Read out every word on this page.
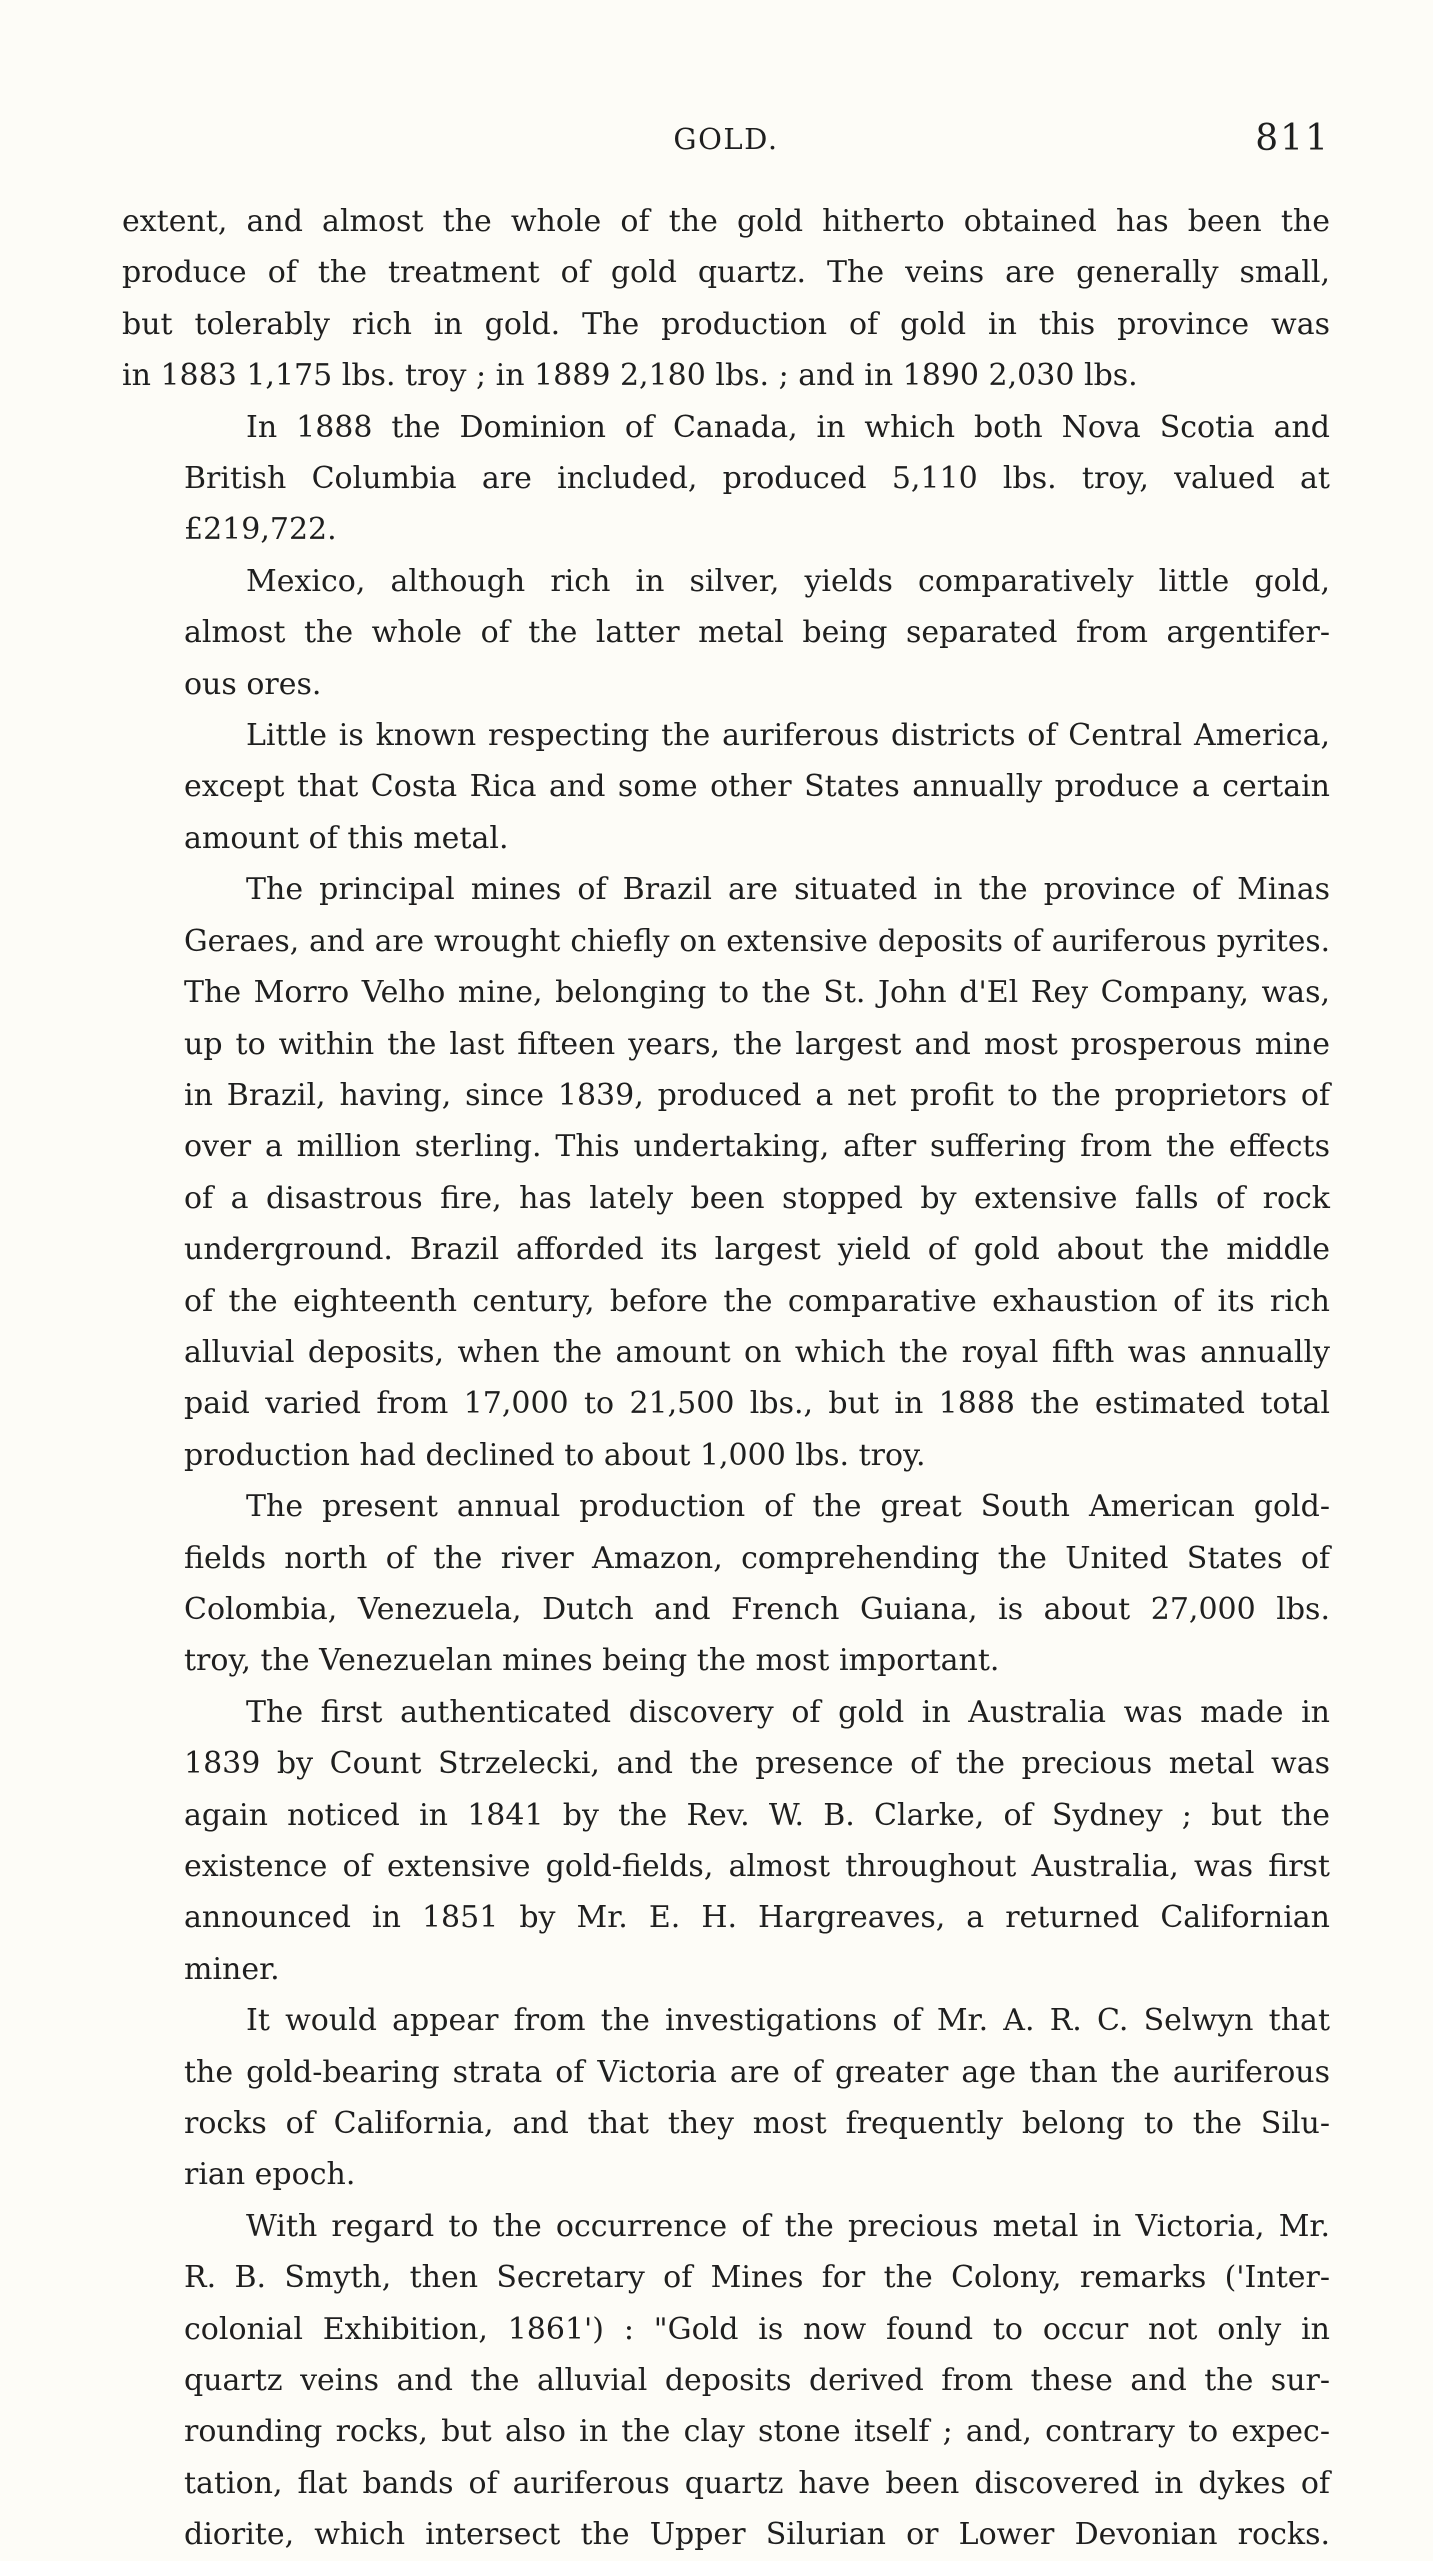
GOLD.	811
extent, and almost the whole of the gold hitherto obtained has been the
produce of the treatment of gold quartz. The veins are generally small,
but tolerably rich in gold. The production of gold in this province was
in 1883 1,175 lbs. troy ; in 1889 2,180 lbs. ; and in 1890 2,030 lbs.
In 1888 the Dominion of Canada, in which both Nova Scotia and
British Columbia are included, produced 5,110 lbs. troy, valued at
£219,722.
Mexico, although rich in silver, yields comparatively little gold,
almost the whole of the latter metal being separated from argentifer-
ous ores.
Little is known respecting the auriferous districts of Central America,
except that Costa Rica and some other States annually produce a certain
amount of this metal.
The principal mines of Brazil are situated in the province of Minas
Geraes, and are wrought chiefly on extensive deposits of auriferous pyrites.
The Morro Velho mine, belonging to the St. John d'El Rey Company, was,
up to within the last fifteen years, the largest and most prosperous mine
in Brazil, having, since 1839, produced a net profit to the proprietors of
over a million sterling. This undertaking, after suffering from the effects
of a disastrous fire, has lately been stopped by extensive falls of rock
underground. Brazil afforded its largest yield of gold about the middle
of the eighteenth century, before the comparative exhaustion of its rich
alluvial deposits, when the amount on which the royal fifth was annually
paid varied from 17,000 to 21,500 lbs., but in 1888 the estimated total
production had declined to about 1,000 lbs. troy.
The present annual production of the great South American gold-
fields north of the river Amazon, comprehending the United States of
Colombia, Venezuela, Dutch and French Guiana, is about 27,000 lbs.
troy, the Venezuelan mines being the most important.
The first authenticated discovery of gold in Australia was made in
1839 by Count Strzelecki, and the presence of the precious metal was
again noticed in 1841 by the Rev. W. B. Clarke, of Sydney ; but the
existence of extensive gold-fields, almost throughout Australia, was first
announced in 1851 by Mr. E. H. Hargreaves, a returned Californian
miner.
It would appear from the investigations of Mr. A. R. C. Selwyn that
the gold-bearing strata of Victoria are of greater age than the auriferous
rocks of California, and that they most frequently belong to the Silu-
rian epoch.
With regard to the occurrence of the precious metal in Victoria, Mr.
R. B. Smyth, then Secretary of Mines for the Colony, remarks ('Inter-
colonial Exhibition, 1861') : "Gold is now found to occur not only in
quartz veins and the alluvial deposits derived from these and the sur-
rounding rocks, but also in the clay stone itself ; and, contrary to expec-
tation, flat bands of auriferous quartz have been discovered in dykes of
diorite, which intersect the Upper Silurian or Lower Devonian rocks.
